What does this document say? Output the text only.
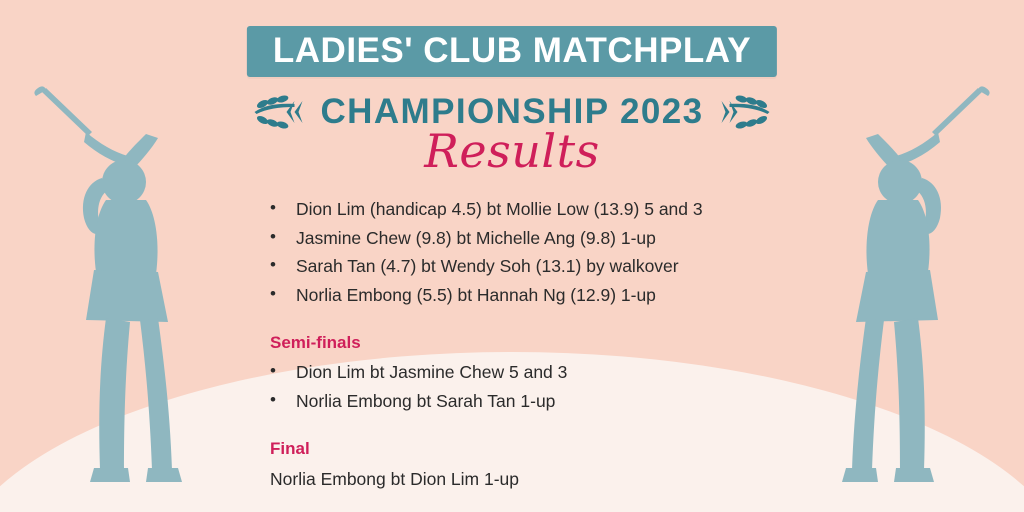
LADIES' CLUB MATCHPLAY
CHAMPIONSHIP 2023
Results
• Dion Lim (handicap 4.5) bt Mollie Low (13.9) 5 and 3
• Jasmine Chew (9.8) bt Michelle Ang (9.8) 1-up
• Sarah Tan (4.7) bt Wendy Soh (13.1) by walkover
• Norlia Embong (5.5) bt Hannah Ng (12.9) 1-up
Semi-finals
• Dion Lim bt Jasmine Chew 5 and 3
• Norlia Embong bt Sarah Tan 1-up
Final
Norlia Embong bt Dion Lim 1-up
